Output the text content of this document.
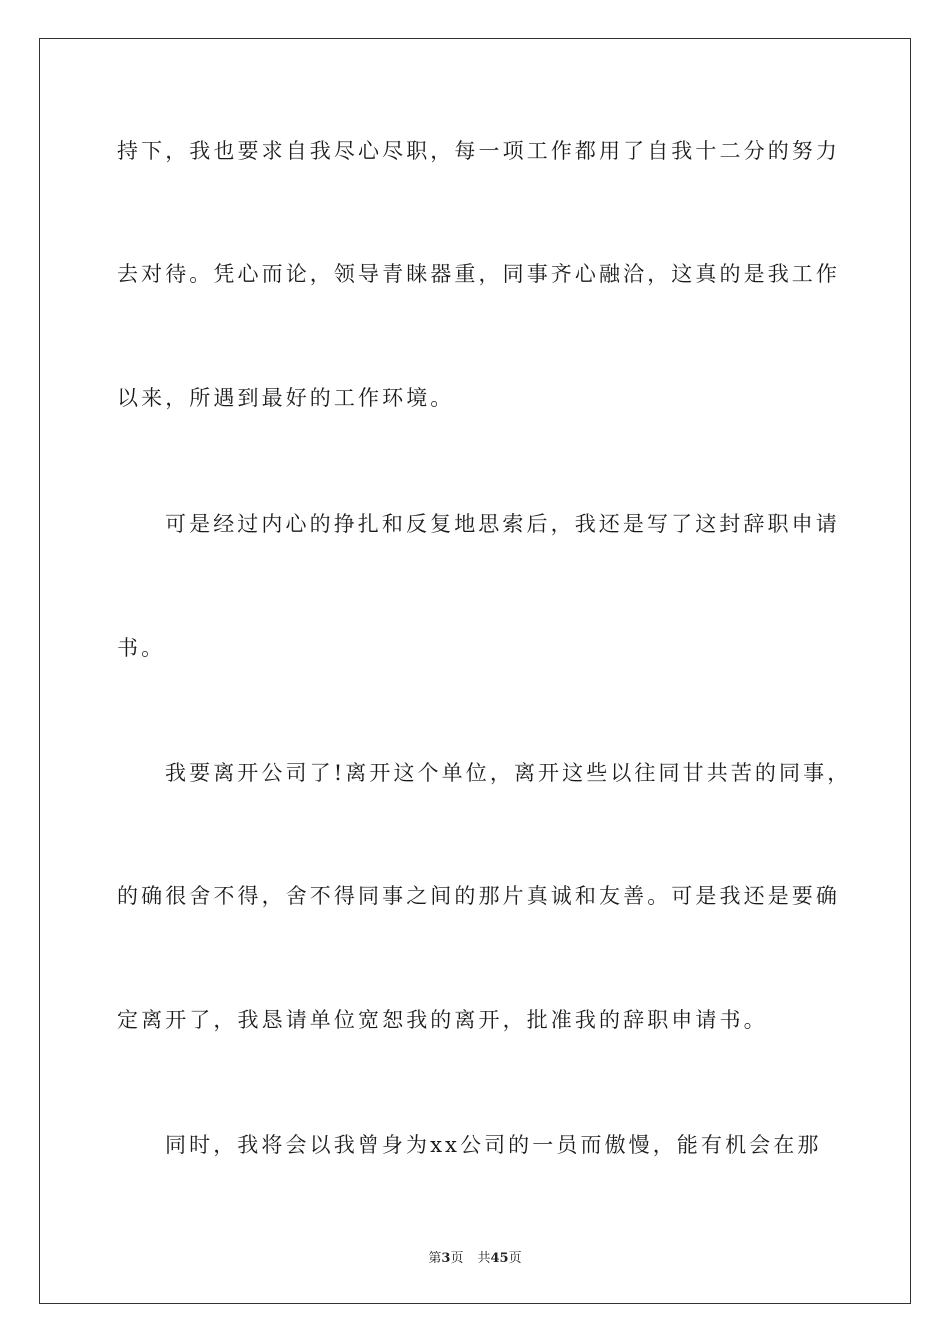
持下，我也要求自我尽心尽职，每一项工作都用了自我十二分的努力
去对待。凭心而论，领导青睐器重，同事齐心融洽，这真的是我工作
以来，所遇到最好的工作环境。
可是经过内心的挣扎和反复地思索后，我还是写了这封辞职申请
书。
我要离开公司了!离开这个单位，离开这些以往同甘共苦的同事，
的确很舍不得，舍不得同事之间的那片真诚和友善。可是我还是要确
定离开了，我恳请单位宽恕我的离开，批准我的辞职申请书。
同时，我将会以我曾身为xx公司的一员而傲慢，能有机会在那
第3页 共45页
